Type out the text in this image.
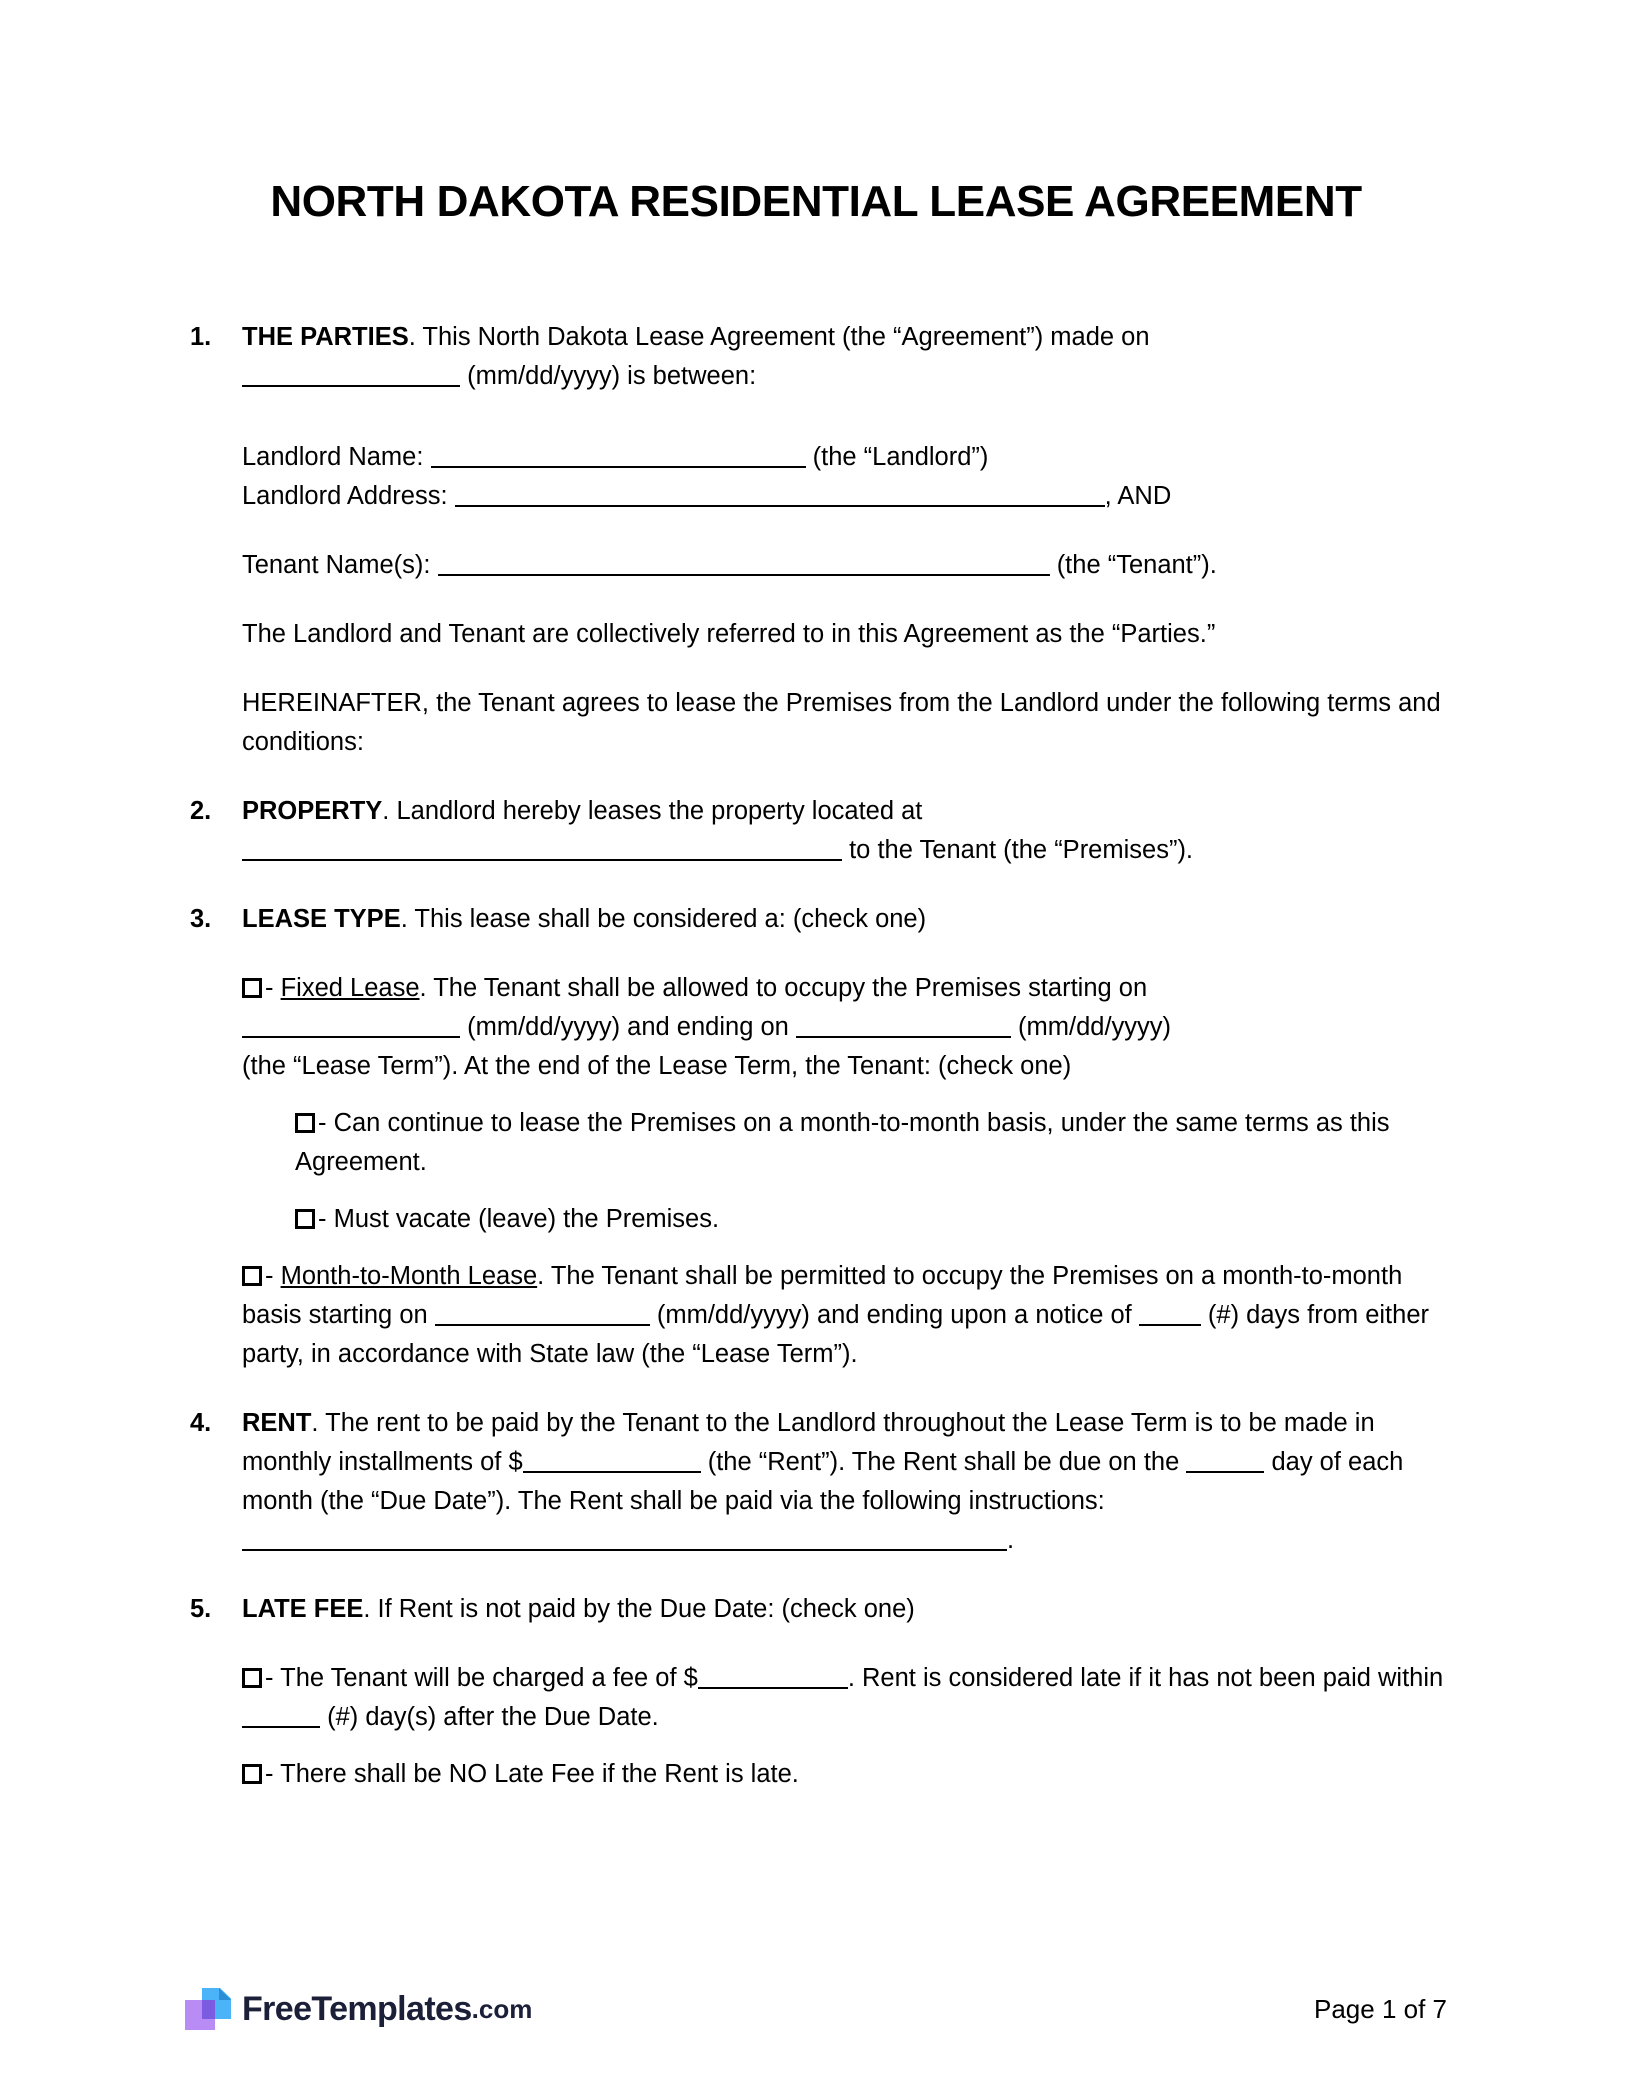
NORTH DAKOTA RESIDENTIAL LEASE AGREEMENT
1.	THE PARTIES. This North Dakota Lease Agreement (the “Agreement”) made on
(mm/dd/yyyy) is between:
Landlord Name:	(the “Landlord”)
Landlord Address:	, AND
Tenant Name(s):	(the “Tenant”).
The Landlord and Tenant are collectively referred to in this Agreement as the “Parties.”
HEREINAFTER, the Tenant agrees to lease the Premises from the Landlord under the following terms and conditions:
2.	PROPERTY. Landlord hereby leases the property located at
to the Tenant (the “Premises”).
3.	LEASE TYPE. This lease shall be considered a: (check one)
- Fixed Lease. The Tenant shall be allowed to occupy the Premises starting on
(mm/dd/yyyy) and ending on	(mm/dd/yyyy)
(the “Lease Term”). At the end of the Lease Term, the Tenant: (check one)
- Can continue to lease the Premises on a month-to-month basis, under the same terms as this Agreement.
- Must vacate (leave) the Premises.
- Month-to-Month Lease. The Tenant shall be permitted to occupy the Premises on a month-to-month basis starting on	(mm/dd/yyyy) and ending upon a notice of	(#) days from either party, in accordance with State law (the “Lease Term”).
4.	RENT. The rent to be paid by the Tenant to the Landlord throughout the Lease Term is to be made in monthly installments of $	(the “Rent”). The Rent shall be due on the	day of each month (the “Due Date”). The Rent shall be paid via the following instructions: .
5.	LATE FEE. If Rent is not paid by the Due Date: (check one)
- The Tenant will be charged a fee of $	. Rent is considered late if it has not been paid within  (#) day(s) after the Due Date.
- There shall be NO Late Fee if the Rent is late.
FreeTemplates .com	Page 1 of 7
